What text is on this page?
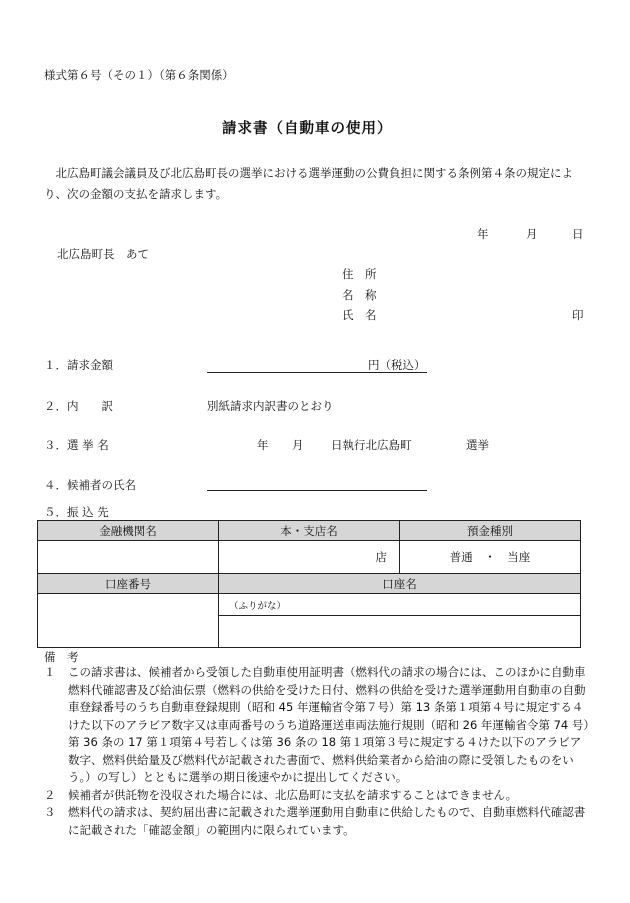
様式第６号（その１）（第６条関係）
請求書（自動車の使用）
　北広島町議会議員及び北広島町長の選挙における選挙運動の公費負担に関する条例第４条の規定により、次の金額の支払を請求します。
年	月	日
北広島町長　あて
住　所
名　称
氏　名	印
１．請求金額	円（税込）
２．内　　訳	別紙請求内訳書のとおり
３．選 挙 名	年 月 日執行北広島町	選挙
４．候補者の氏名
５．振 込 先
金融機関名	本・支店名	預金種別
	店	普通　・　当座
口座番号	口座名	
	（ふりがな）	

備　考
１ この請求書は、候補者から受領した自動車使用証明書（燃料代の請求の場合には、このほかに自動車燃料代確認書及び給油伝票（燃料の供給を受けた日付、燃料の供給を受けた選挙運動用自動車の自動車登録番号のうち自動車登録規則（昭和 45 年運輸省令第７号）第 13 条第１項第４号に規定する４けた以下のアラビア数字又は車両番号のうち道路運送車両法施行規則（昭和 26 年運輸省令第 74 号）第 36 条の 17 第１項第４号若しくは第 36 条の 18 第１項第３号に規定する４けた以下のアラビア数字、燃料供給量及び燃料代が記載された書面で、燃料供給業者から給油の際に受領したものをいう。）の写し）とともに選挙の期日後速やかに提出してください。
２ 候補者が供託物を没収された場合には、北広島町に支払を請求することはできません。
３ 燃料代の請求は、契約届出書に記載された選挙運動用自動車に供給したもので、自動車燃料代確認書に記載された「確認金額」の範囲内に限られています。
